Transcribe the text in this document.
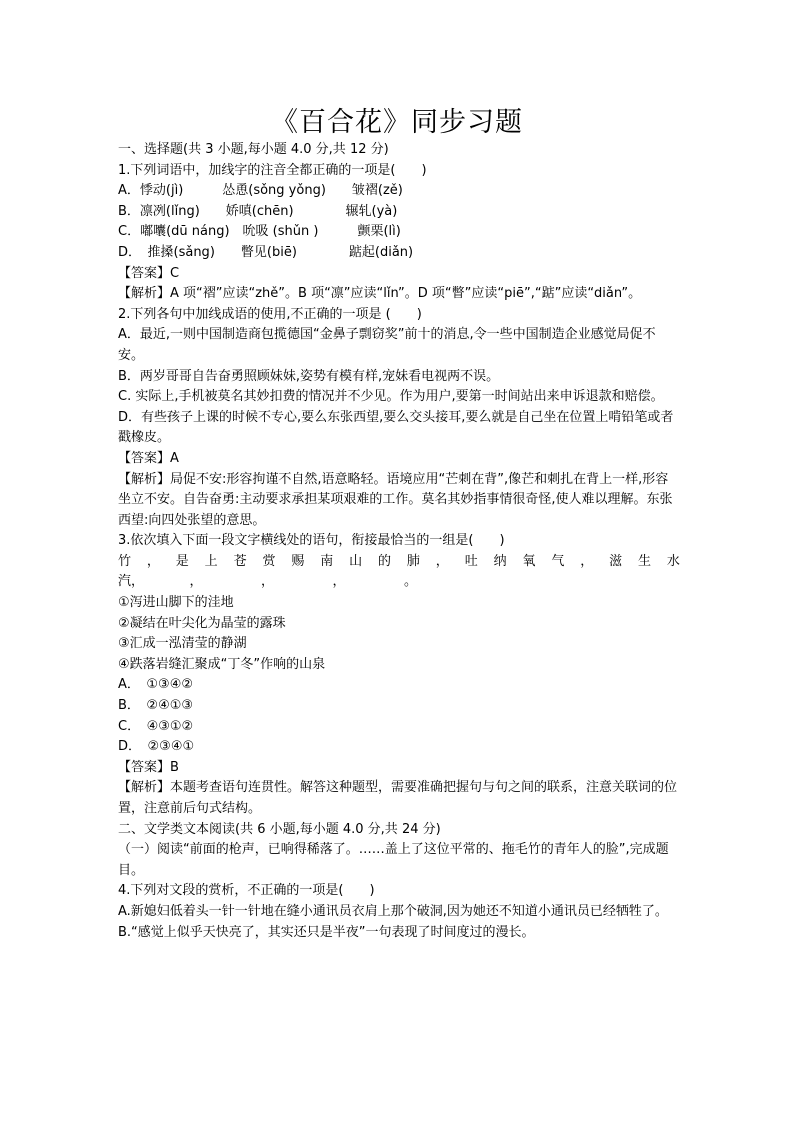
《百合花》同步习题
一、选择题(共 3 小题,每小题 4.0 分,共 12 分)
1.下列词语中，加线字的注音全都正确的一项是(　　)
A．悸动(jì)　　　怂恿(sǒng yǒng)　　皱褶(zě)
B．凛冽(lǐng)　　娇嗔(chēn)　　　　辗轧(yà)
C．嘟囔(dū náng)　吮吸 (shǔn )　　　颤栗(lì)
D．　推搡(sǎng)　　瞥见(biē)　　　　踮起(diǎn)
【答案】C
【解析】A 项“褶”应读“zhě”。B 项“凛”应读“lǐn”。D 项“瞥”应读“piē”,“踮”应读“diǎn”。
2.下列各句中加线成语的使用,不正确的一项是 (　　)
A．最近,一则中国制造商包揽德国“金鼻子剽窃奖”前十的消息,令一些中国制造企业感觉局促不安。
B．两岁哥哥自告奋勇照顾妹妹,姿势有模有样,宠妹看电视两不误。
C. 实际上,手机被莫名其妙扣费的情况并不少见。作为用户,要第一时间站出来申诉退款和赔偿。
D．有些孩子上课的时候不专心,要么东张西望,要么交头接耳,要么就是自己坐在位置上啃铅笔或者戳橡皮。
【答案】A
【解析】局促不安:形容拘谨不自然,语意略轻。语境应用“芒刺在背”,像芒和刺扎在背上一样,形容坐立不安。自告奋勇:主动要求承担某项艰难的工作。莫名其妙指事情很奇怪,使人难以理解。东张西望:向四处张望的意思。
3.依次填入下面一段文字横线处的语句，衔接最恰当的一组是(　　)
竹 ， 是 上 苍 赏 赐 南 山 的 肺 ， 吐 纳 氧 气 ， 滋 生 水
汽，　　　　，　　　　　，　　　　　，　　　　　。
①泻进山脚下的洼地
②凝结在叶尖化为晶莹的露珠
③汇成一泓清莹的静湖
④跌落岩缝汇聚成“丁冬”作响的山泉
A．　①③④②
B．　②④①③
C．　④③①②
D．　②③④①
【答案】B
【解析】本题考查语句连贯性。解答这种题型，需要准确把握句与句之间的联系，注意关联词的位置，注意前后句式结构。
二、文学类文本阅读(共 6 小题,每小题 4.0 分,共 24 分)
（一）阅读“前面的枪声，已响得稀落了。……盖上了这位平常的、拖毛竹的青年人的脸”,完成题目。
4.下列对文段的赏析，不正确的一项是(　　)
A.新媳妇低着头一针一针地在缝小通讯员衣肩上那个破洞,因为她还不知道小通讯员已经牺牲了。
B.“感觉上似乎天快亮了，其实还只是半夜”一句表现了时间度过的漫长。
